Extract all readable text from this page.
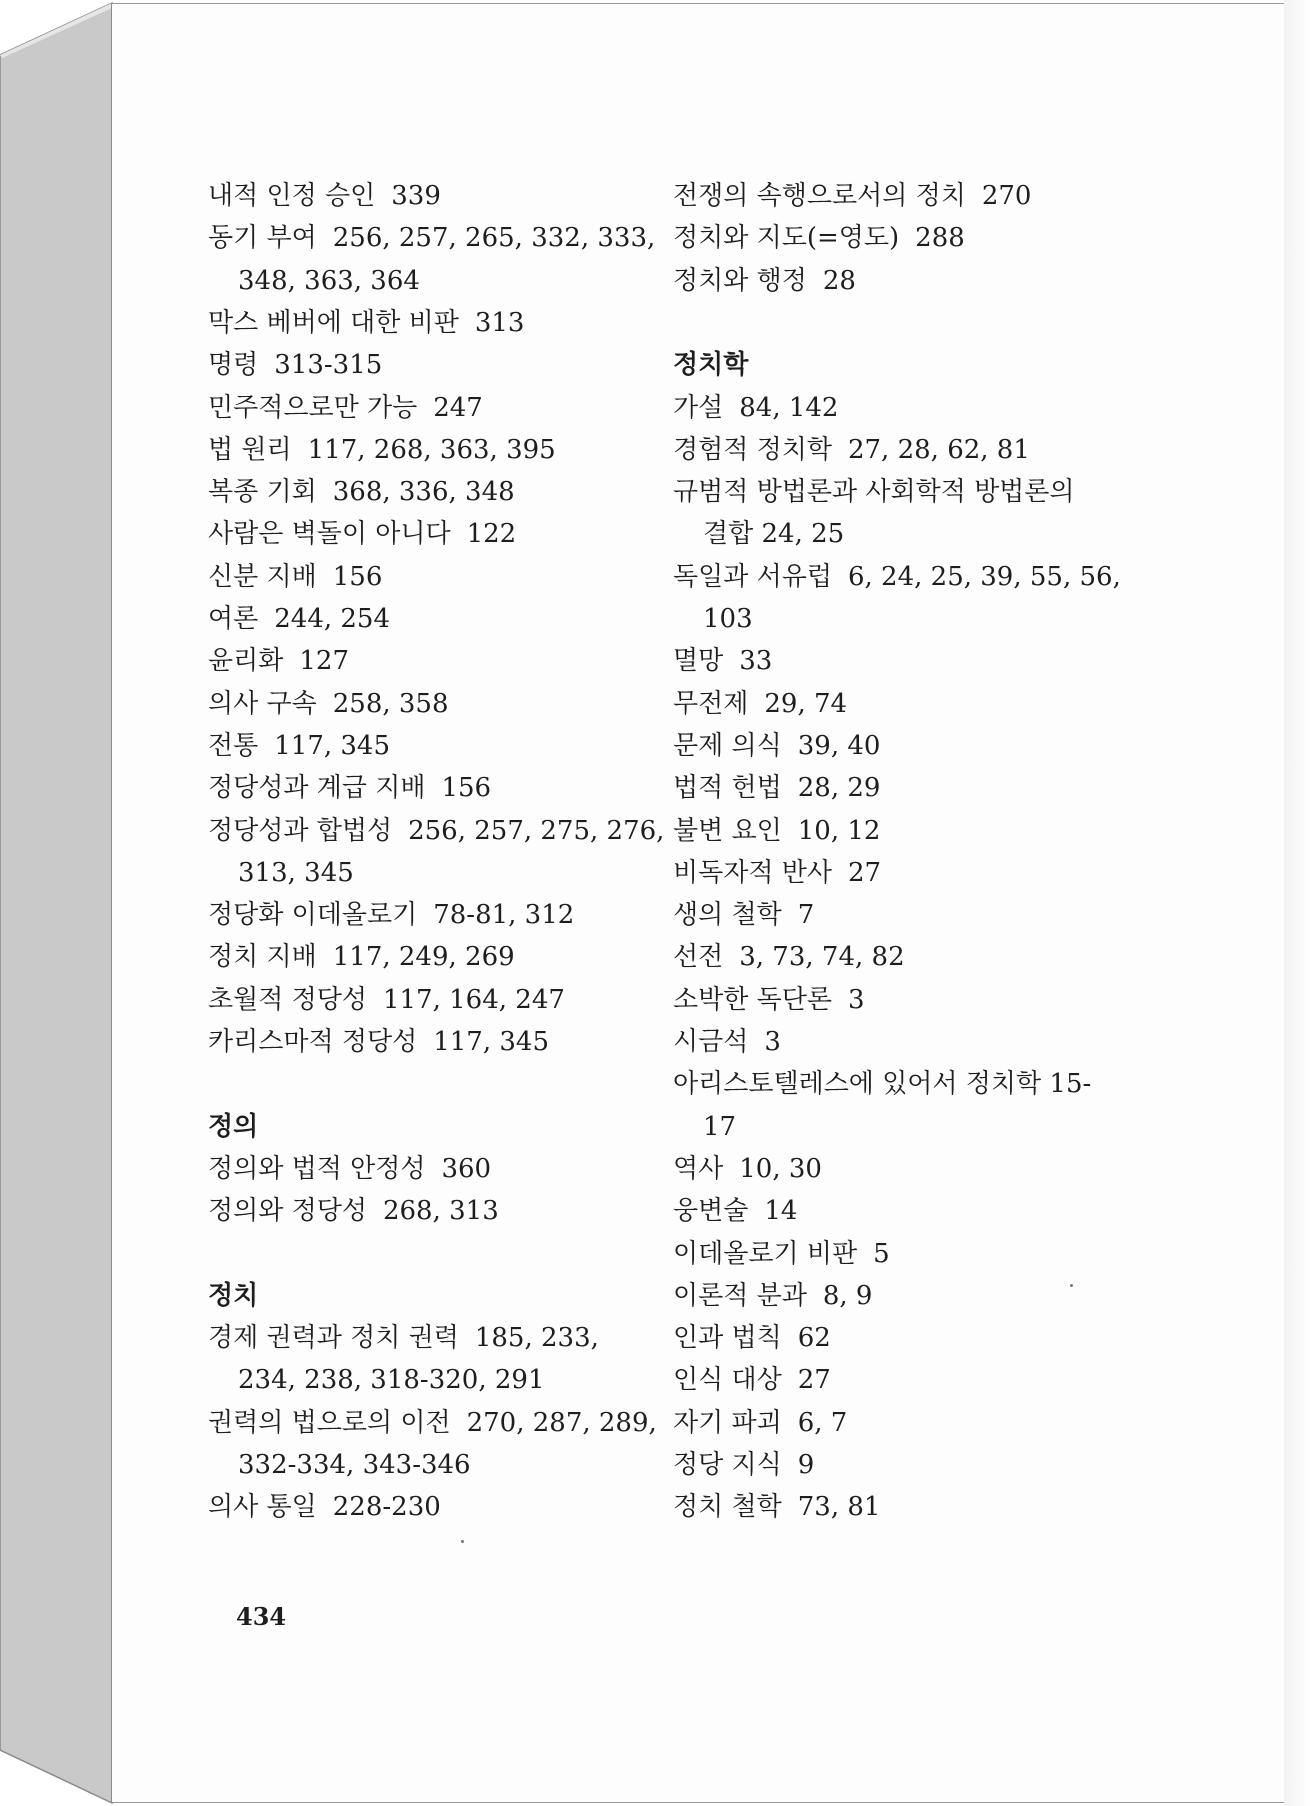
내적 인정 승인 339
동기 부여 256, 257, 265, 332, 333,
348, 363, 364
막스 베버에 대한 비판 313
명령 313-315
민주적으로만 가능 247
법 원리 117, 268, 363, 395
복종 기회 368, 336, 348
사람은 벽돌이 아니다 122
신분 지배 156
여론 244, 254
윤리화 127
의사 구속 258, 358
전통 117, 345
정당성과 계급 지배 156
정당성과 합법성 256, 257, 275, 276,
313, 345
정당화 이데올로기 78-81, 312
정치 지배 117, 249, 269
초월적 정당성 117, 164, 247
카리스마적 정당성 117, 345
정의
정의와 법적 안정성 360
정의와 정당성 268, 313
정치
경제 권력과 정치 권력 185, 233,
234, 238, 318-320, 291
권력의 법으로의 이전 270, 287, 289,
332-334, 343-346
의사 통일 228-230
전쟁의 속행으로서의 정치 270
정치와 지도(=영도) 288
정치와 행정 28
정치학
가설 84, 142
경험적 정치학 27, 28, 62, 81
규범적 방법론과 사회학적 방법론의
결합 24, 25
독일과 서유럽 6, 24, 25, 39, 55, 56,
103
멸망 33
무전제 29, 74
문제 의식 39, 40
법적 헌법 28, 29
불변 요인 10, 12
비독자적 반사 27
생의 철학 7
선전 3, 73, 74, 82
소박한 독단론 3
시금석 3
아리스토텔레스에 있어서 정치학 15-
17
역사 10, 30
웅변술 14
이데올로기 비판 5
이론적 분과 8, 9
인과 법칙 62
인식 대상 27
자기 파괴 6, 7
정당 지식 9
정치 철학 73, 81
434
